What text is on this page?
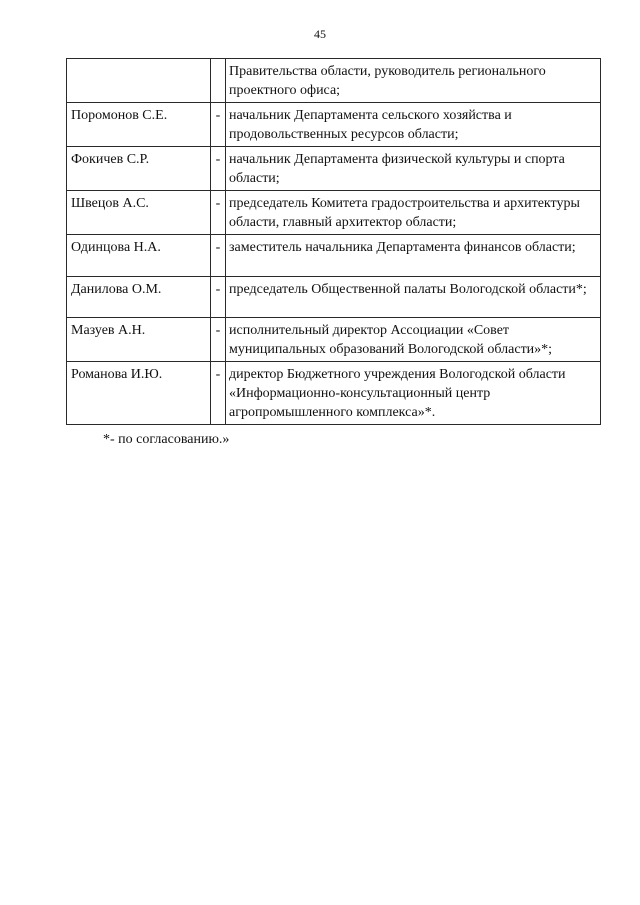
45
		Правительства области, руководитель регионального проектного офиса;
Поромонов С.Е.	-	начальник Департамента сельского хозяйства и продовольственных ресурсов области;
Фокичев С.Р.	-	начальник Департамента физической культуры и спорта области;
Швецов А.С.	-	председатель Комитета градостроительства и архитектуры области, главный архитектор области;
Одинцова Н.А.	-	заместитель начальника Департамента финансов области;
Данилова О.М.	-	председатель Общественной палаты Вологодской области*;
Мазуев А.Н.	-	исполнительный директор Ассоциации «Совет муниципальных образований Вологодской области»*;
Романова И.Ю.	-	директор Бюджетного учреждения Вологодской области «Информационно-консультационный центр агропромышленного комплекса»*.
*- по согласованию.»
